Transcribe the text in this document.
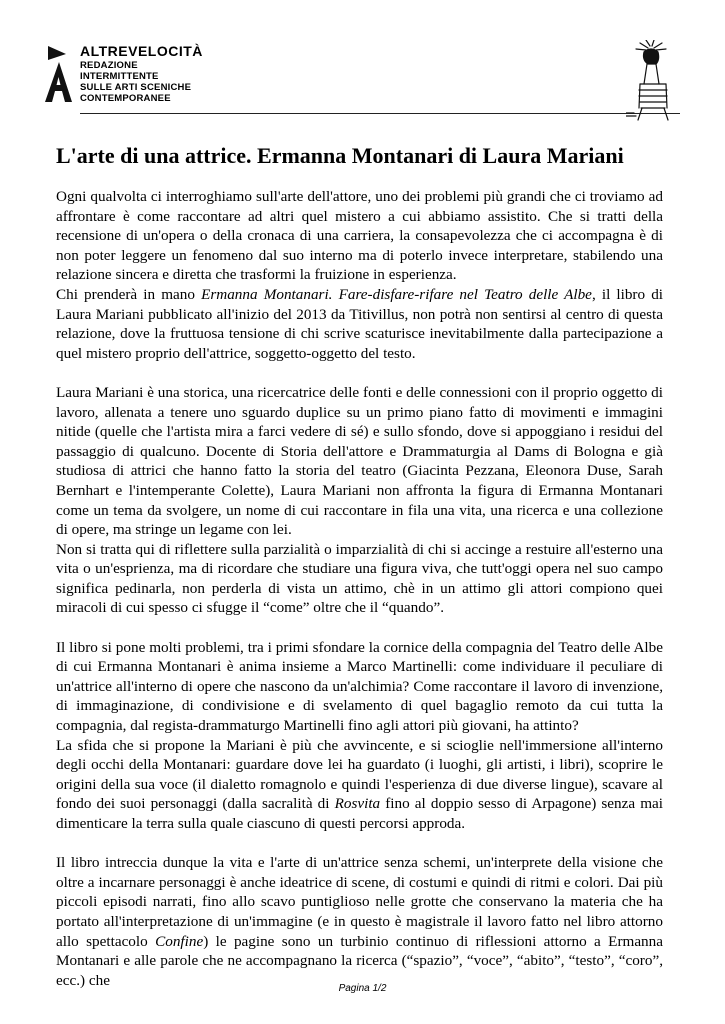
ALTREVELOCITÀ
REDAZIONE
INTERMITTENTE
SULLE ARTI SCENICHE
CONTEMPORANEE
L'arte di una attrice. Ermanna Montanari di Laura Mariani

Ogni qualvolta ci interroghiamo sull'arte dell'attore, uno dei problemi più grandi che ci troviamo ad affrontare è come raccontare ad altri quel mistero a cui abbiamo assistito. Che si tratti della recensione di un'opera o della cronaca di una carriera, la consapevolezza che ci accompagna è di non poter leggere un fenomeno dal suo interno ma di poterlo invece interpretare, stabilendo una relazione sincera e diretta che trasformi la fruizione in esperienza.

Chi prenderà in mano Ermanna Montanari. Fare-disfare-rifare nel Teatro delle Albe, il libro di Laura Mariani pubblicato all'inizio del 2013 da Titivillus, non potrà non sentirsi al centro di questa relazione, dove la fruttuosa tensione di chi scrive scaturisce inevitabilmente dalla partecipazione a quel mistero proprio dell'attrice, soggetto-oggetto del testo.

Laura Mariani è una storica, una ricercatrice delle fonti e delle connessioni con il proprio oggetto di lavoro, allenata a tenere uno sguardo duplice su un primo piano fatto di movimenti e immagini nitide (quelle che l'artista mira a farci vedere di sé) e sullo sfondo, dove si appoggiano i residui del passaggio di qualcuno. Docente di Storia dell'attore e Drammaturgia al Dams di Bologna e già studiosa di attrici che hanno fatto la storia del teatro (Giacinta Pezzana, Eleonora Duse, Sarah Bernhart e l'intemperante Colette), Laura Mariani non affronta la figura di Ermanna Montanari come un tema da svolgere, un nome di cui raccontare in fila una vita, una ricerca e una collezione di opere, ma stringe un legame con lei.

Non si tratta qui di riflettere sulla parzialità o imparzialità di chi si accinge a restuire all'esterno una vita o un'esprienza, ma di ricordare che studiare una figura viva, che tutt'oggi opera nel suo campo significa pedinarla, non perderla di vista un attimo, chè in un attimo gli attori compiono quei miracoli di cui spesso ci sfugge il “come” oltre che il “quando”.

Il libro si pone molti problemi, tra i primi sfondare la cornice della compagnia del Teatro delle Albe di cui Ermanna Montanari è anima insieme a Marco Martinelli: come individuare il peculiare di un'attrice all'interno di opere che nascono da un'alchimia? Come raccontare il lavoro di invenzione, di immaginazione, di condivisione e di svelamento di quel bagaglio remoto da cui tutta la compagnia, dal regista-drammaturgo Martinelli fino agli attori più giovani, ha attinto?

La sfida che si propone la Mariani è più che avvincente, e si scioglie nell'immersione all'interno degli occhi della Montanari: guardare dove lei ha guardato (i luoghi, gli artisti, i libri), scoprire le origini della sua voce (il dialetto romagnolo e quindi l'esperienza di due diverse lingue), scavare al fondo dei suoi personaggi (dalla sacralità di Rosvita fino al doppio sesso di Arpagone) senza mai dimenticare la terra sulla quale ciascuno di questi percorsi approda.

Il libro intreccia dunque la vita e l'arte di un'attrice senza schemi, un'interprete della visione che oltre a incarnare personaggi è anche ideatrice di scene, di costumi e quindi di ritmi e colori. Dai più piccoli episodi narrati, fino allo scavo puntiglioso nelle grotte che conservano la materia che ha portato all'interpretazione di un'immagine (e in questo è magistrale il lavoro fatto nel libro attorno allo spettacolo Confine) le pagine sono un turbinio continuo di riflessioni attorno a Ermanna Montanari e alle parole che ne accompagnano la ricerca (“spazio”, “voce”, “abito”, “testo”, “coro”, ecc.) che	Pagina 1/2
